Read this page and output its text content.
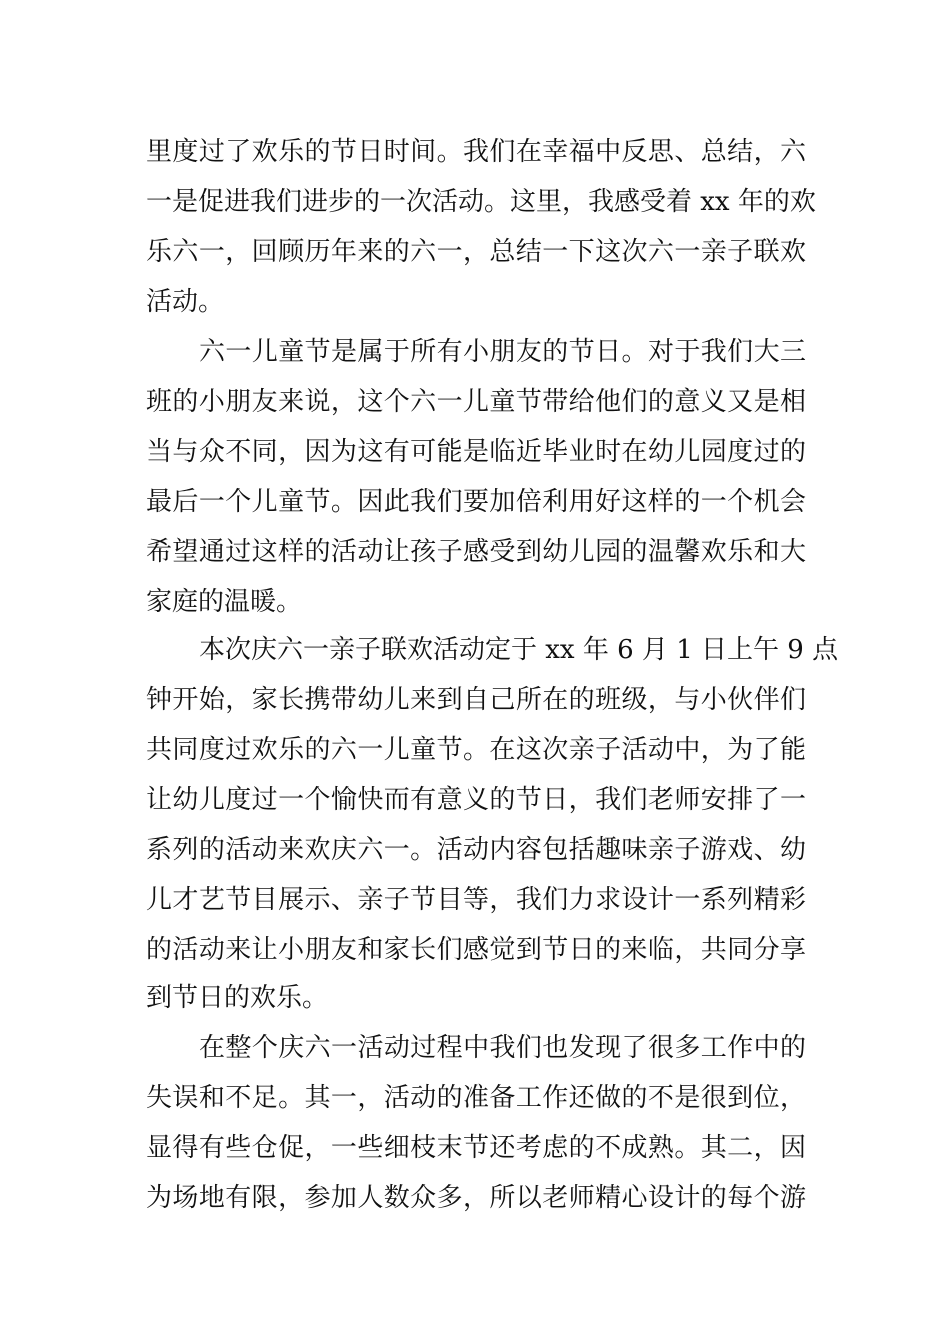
里度过了欢乐的节日时间。我们在幸福中反思、总结，六
一是促进我们进步的一次活动。这里，我感受着 xx 年的欢
乐六一，回顾历年来的六一，总结一下这次六一亲子联欢
活动。
六一儿童节是属于所有小朋友的节日。对于我们大三
班的小朋友来说，这个六一儿童节带给他们的意义又是相
当与众不同，因为这有可能是临近毕业时在幼儿园度过的
最后一个儿童节。因此我们要加倍利用好这样的一个机会
希望通过这样的活动让孩子感受到幼儿园的温馨欢乐和大
家庭的温暖。
本次庆六一亲子联欢活动定于 xx 年 6 月 1 日上午 9 点
钟开始，家长携带幼儿来到自己所在的班级，与小伙伴们
共同度过欢乐的六一儿童节。在这次亲子活动中，为了能
让幼儿度过一个愉快而有意义的节日，我们老师安排了一
系列的活动来欢庆六一。活动内容包括趣味亲子游戏、幼
儿才艺节目展示、亲子节目等，我们力求设计一系列精彩
的活动来让小朋友和家长们感觉到节日的来临，共同分享
到节日的欢乐。
在整个庆六一活动过程中我们也发现了很多工作中的
失误和不足。其一，活动的准备工作还做的不是很到位，
显得有些仓促，一些细枝末节还考虑的不成熟。其二，因
为场地有限，参加人数众多，所以老师精心设计的每个游
